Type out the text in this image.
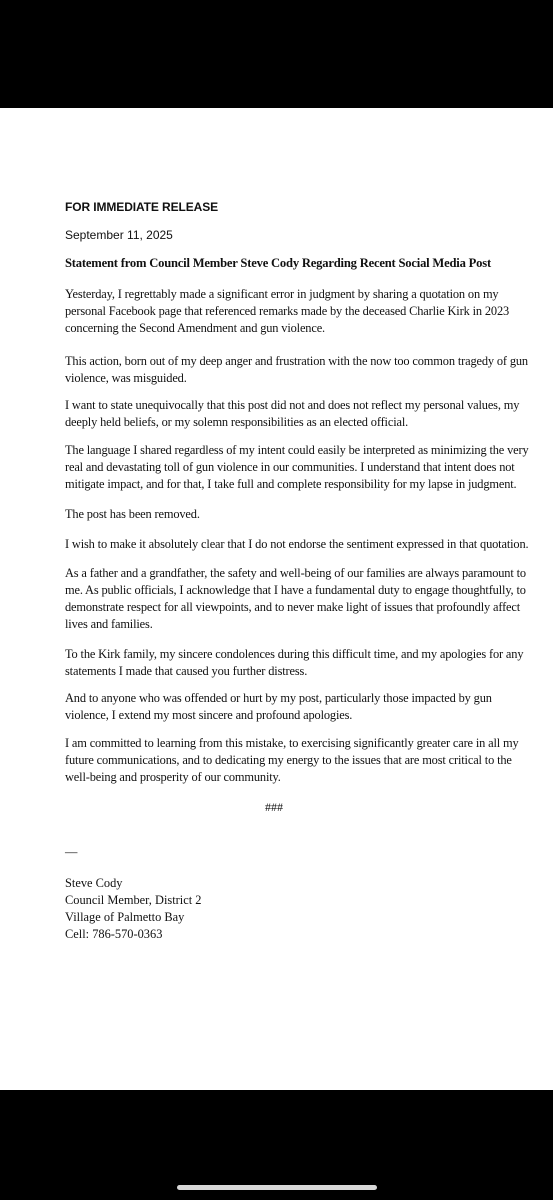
FOR IMMEDIATE RELEASE
September 11, 2025
Statement from Council Member Steve Cody Regarding Recent Social Media Post

Yesterday, I regrettably made a significant error in judgment by sharing a quotation on my
personal Facebook page that referenced remarks made by the deceased Charlie Kirk in 2023
concerning the Second Amendment and gun violence.

This action, born out of my deep anger and frustration with the now too common tragedy of gun
violence, was misguided.

I want to state unequivocally that this post did not and does not reflect my personal values, my
deeply held beliefs, or my solemn responsibilities as an elected official.

The language I shared regardless of my intent could easily be interpreted as minimizing the very
real and devastating toll of gun violence in our communities. I understand that intent does not
mitigate impact, and for that, I take full and complete responsibility for my lapse in judgment.

The post has been removed.

I wish to make it absolutely clear that I do not endorse the sentiment expressed in that quotation.

As a father and a grandfather, the safety and well-being of our families are always paramount to
me. As public officials, I acknowledge that I have a fundamental duty to engage thoughtfully, to
demonstrate respect for all viewpoints, and to never make light of issues that profoundly affect
lives and families.

To the Kirk family, my sincere condolences during this difficult time, and my apologies for any
statements I made that caused you further distress.

And to anyone who was offended or hurt by my post, particularly those impacted by gun
violence, I extend my most sincere and profound apologies.

I am committed to learning from this mistake, to exercising significantly greater care in all my
future communications, and to dedicating my energy to the issues that are most critical to the
well-being and prosperity of our community.

###
—
Steve Cody
Council Member, District 2
Village of Palmetto Bay
Cell: 786-570-0363
